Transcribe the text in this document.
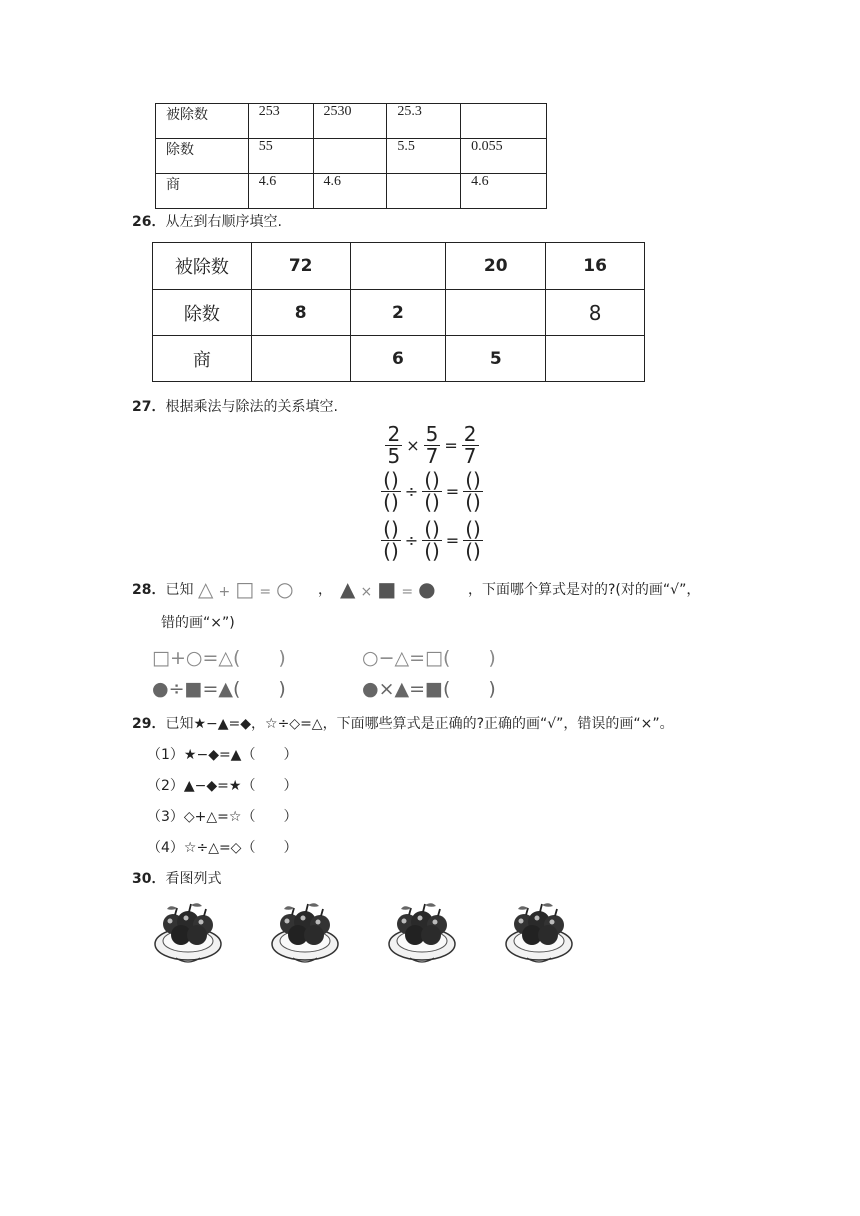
被除数	253	2530	25.3	
除数	55		5.5	0.055
商	4.6	4.6		4.6
26．从左到右顺序填空.
被除数	72		20	16
除数	8	2		8
商		6	5	
27．根据乘法与除法的关系填空.
$\frac{2}{5} \times \frac{5}{7} = \frac{2}{7}$
$\frac{()}{()} \div \frac{()}{()} = \frac{()}{()}$
$\frac{()}{()} \div \frac{()}{()} = \frac{()}{()}$
28．已知 △ + □ = ○ ， ▲ × ■ = ● ，下面哪个算式是对的?(对的画“√”，
错的画“×”)
□+○=△(　　)	○−△=□(　　)
●÷■=▲(　　)	●×▲=■(　　)
29．已知★−▲=◆，☆÷◇=△，下面哪些算式是正确的?正确的画“√”，错误的画“×”。
（1）★−◆=▲（　　）
（2）▲−◆=★（　　）
（3）◇+△=☆（　　）
（4）☆÷△=◇（　　）
30．看图列式
